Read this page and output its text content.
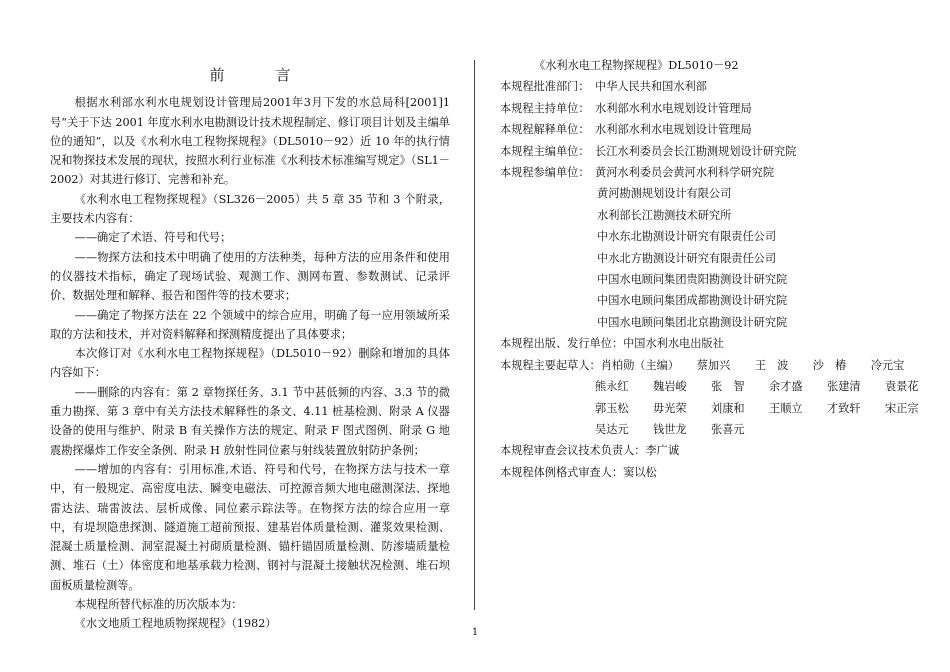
前　言

根据水利部水利水电规划设计管理局2001年3月下发的水总局科[2001]1号“关于下达 2001 年度水利水电勘测设计技术规程制定、修订项目计划及主编单位的通知”，以及《水利水电工程物探规程》（DL5010－92）近 10 年的执行情况和物探技术发展的现状，按照水利行业标准《水利技术标准编写规定》（SL1－2002）对其进行修订、完善和补充。

《水利水电工程物探规程》（SL326－2005）共 5 章 35 节和 3 个附录，主要技术内容有：

——确定了术语、符号和代号；

——物探方法和技术中明确了使用的方法种类，每种方法的应用条件和使用的仪器技术指标，确定了现场试验、观测工作、测网布置、参数测试、记录评价、数据处理和解释、报告和图件等的技术要求；

——确定了物探方法在 22 个领域中的综合应用，明确了每一应用领域所采取的方法和技术，并对资料解释和探测精度提出了具体要求；

本次修订对《水利水电工程物探规程》（DL5010－92）删除和增加的具体内容如下：

——删除的内容有：第 2 章物探任务、3.1 节中甚低频的内容、3.3 节的微重力勘探、第 3 章中有关方法技术解释性的条文、4.11 桩基检测、附录 A 仪器设备的使用与维护、附录 B 有关操作方法的规定、附录 F 图式图例、附录 G 地震勘探爆炸工作安全条例、附录 H 放射性同位素与射线装置放射防护条例；

——增加的内容有：引用标准,术语、符号和代号，在物探方法与技术一章中，有一般规定、高密度电法、瞬变电磁法、可控源音频大地电磁测深法、探地雷达法、瑞雷波法、层析成像、同位素示踪法等。在物探方法的综合应用一章中，有堤坝隐患探测、隧道施工超前预报、建基岩体质量检测、灌浆效果检测、混凝土质量检测、洞室混凝土衬砌质量检测、锚杆锚固质量检测、防渗墙质量检测、堆石（土）体密度和地基承载力检测、钢衬与混凝土接触状况检测、堆石坝面板质量检测等。

本规程所替代标准的历次版本为：

《水文地质工程地质物探规程》（1982）

《水利水电工程物探规程》DL5010－92
本规程批准部门： 中华人民共和国水利部
本规程主持单位： 水利部水利水电规划设计管理局
本规程解释单位： 水利部水利水电规划设计管理局
本规程主编单位： 长江水利委员会长江勘测规划设计研究院
本规程参编单位： 黄河水利委员会黄河水利科学研究院
黄河勘测规划设计有限公司
水利部长江勘测技术研究所
中水东北勘测设计研究有限责任公司
中水北方勘测设计研究有限责任公司
中国水电顾问集团贵阳勘测设计研究院
中国水电顾问集团成都勘测设计研究院
中国水电顾问集团北京勘测设计研究院
本规程出版、发行单位：中国水利水电出版社
本规程主要起草人：肖柏勋（主编） 蔡加兴 王　波 沙　椿 冷元宝
熊永红 魏岩峻 张　智 余才盛 张建清 袁景花
郭玉松 毋光荣 刘康和 王顺立 才致轩 宋正宗
吴达元 钱世龙 张喜元
本规程审查会议技术负责人：李广诚
本规程体例格式审查人：窦以松
1
